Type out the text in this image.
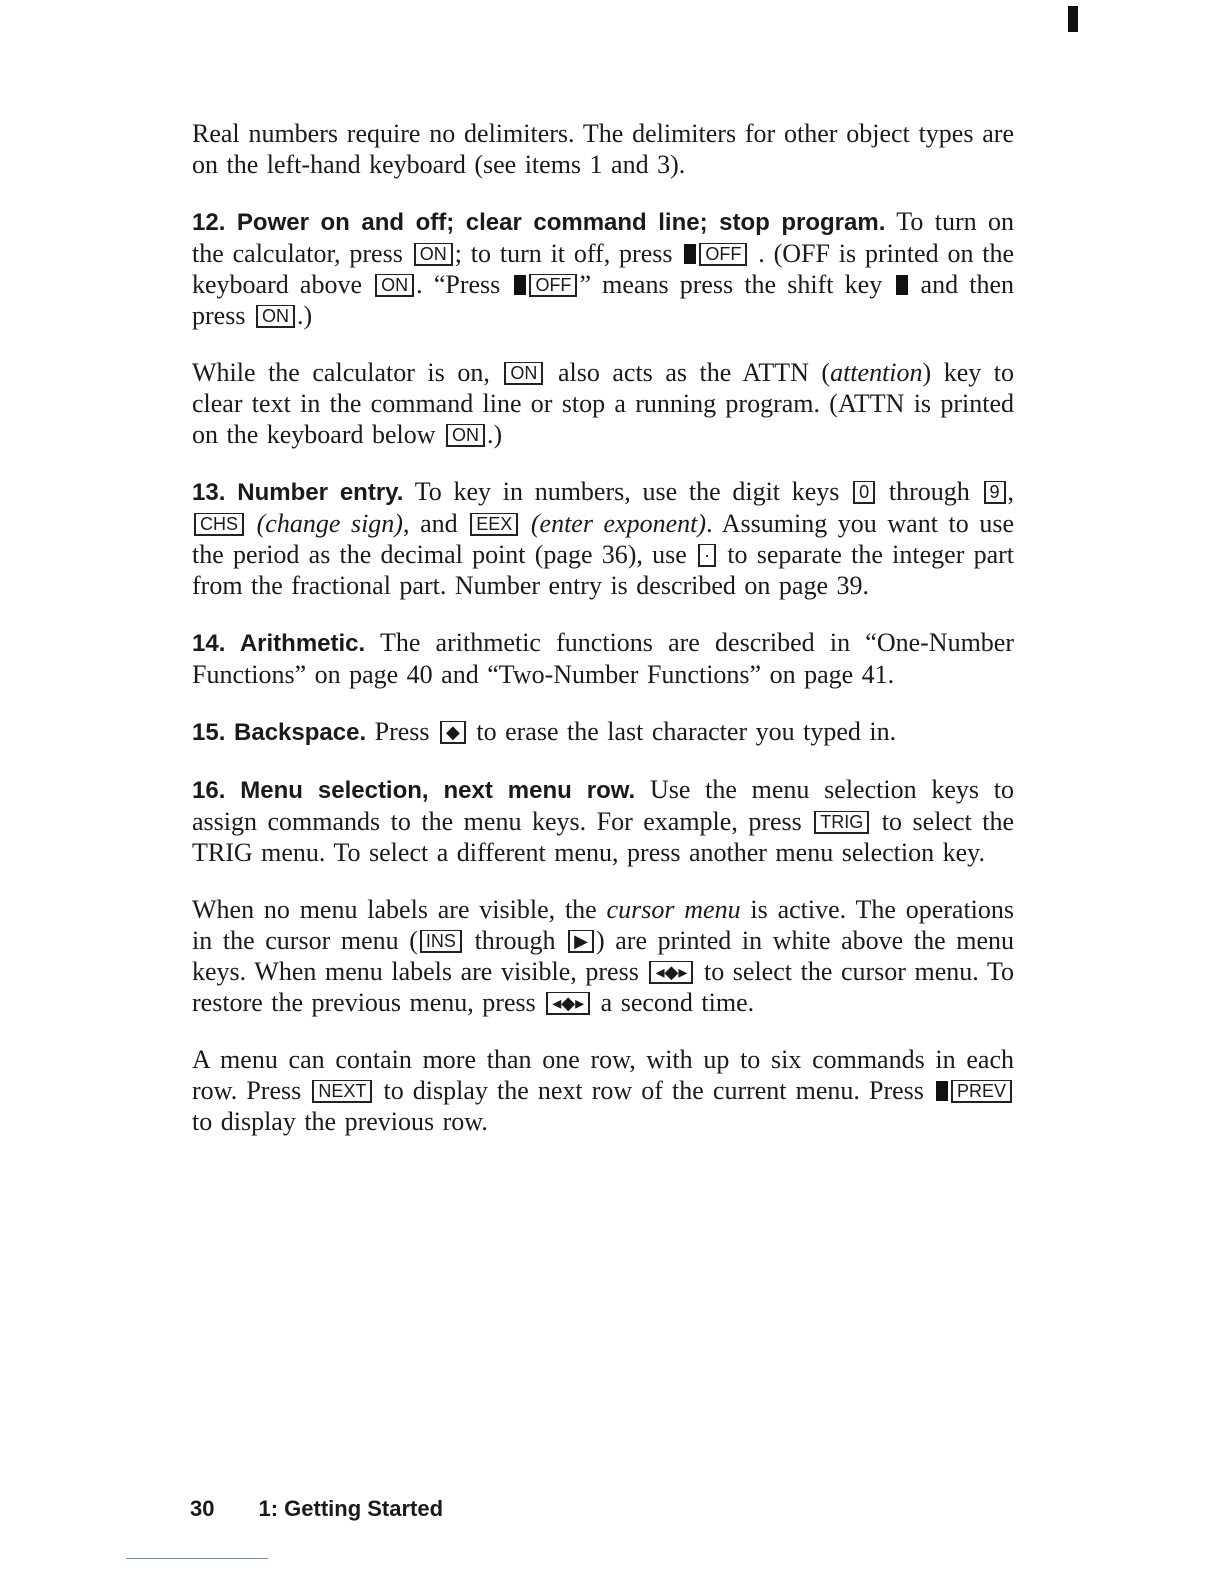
Real numbers require no delimiters. The delimiters for other object types are on the left-hand keyboard (see items 1 and 3).

12. Power on and off; clear command line; stop program. To turn on the calculator, press ON ; to turn it off, press OFF . (OFF is printed on the keyboard above ON . “Press OFF ” means press the shift key and then press ON .)

While the calculator is on, ON also acts as the ATTN (attention) key to clear text in the command line or stop a running program. (ATTN is printed on the keyboard below ON .)

13. Number entry. To key in numbers, use the digit keys 0 through 9 , CHS (change sign), and EEX (enter exponent). Assuming you want to use the period as the decimal point (page 36), use · to separate the integer part from the fractional part. Number entry is described on page 39.

14. Arithmetic. The arithmetic functions are described in “One-Number Functions” on page 40 and “Two-Number Functions” on page 41.

15. Backspace. Press ◆ to erase the last character you typed in.

16. Menu selection, next menu row. Use the menu selection keys to assign commands to the menu keys. For example, press TRIG to select the TRIG menu. To select a different menu, press another menu selection key.

When no menu labels are visible, the cursor menu is active. The operations in the cursor menu ( INS through ▶ ) are printed in white above the menu keys. When menu labels are visible, press ◂◆▸ to select the cursor menu. To restore the previous menu, press ◂◆▸ a second time.

A menu can contain more than one row, with up to six commands in each row. Press NEXT to display the next row of the current menu. Press PREV to display the previous row.

30 1: Getting Started
